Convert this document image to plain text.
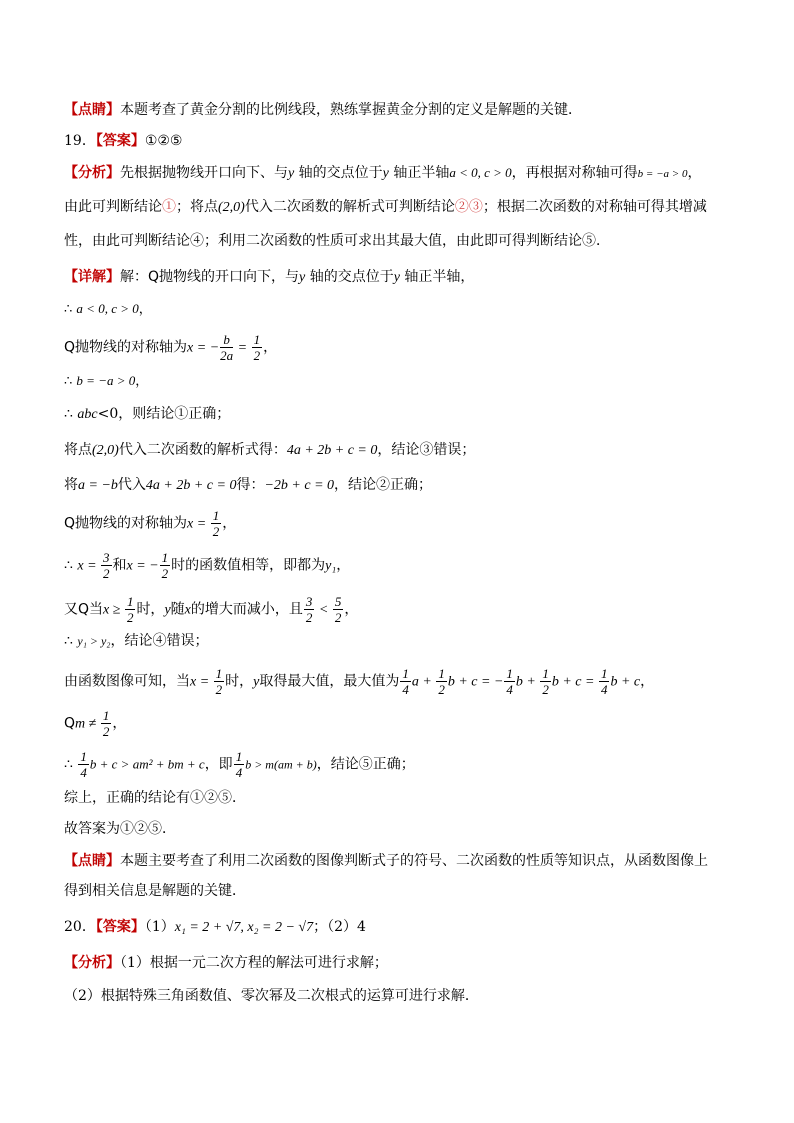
【点睛】本题考查了黄金分割的比例线段，熟练掌握黄金分割的定义是解题的关键．
19．【答案】①②⑤
【分析】先根据抛物线开口向下、与y 轴的交点位于y 轴正半轴a < 0, c > 0，再根据对称轴可得b = −a > 0，
由此可判断结论①；将点(2,0)代入二次函数的解析式可判断结论②③；根据二次函数的对称轴可得其增减
性，由此可判断结论④；利用二次函数的性质可求出其最大值，由此即可得判断结论⑤．
【详解】解：Q抛物线的开口向下，与y 轴的交点位于y 轴正半轴，
∴ a < 0, c > 0，
Q抛物线的对称轴为x = − $\frac{b}{2a} = \frac{1}{2}$ ，
∴ b = −a > 0，
∴ abc<0，则结论①正确；
将点(2,0)代入二次函数的解析式得：4a + 2b + c = 0，结论③错误；
将a = −b代入4a + 2b + c = 0得：−2b + c = 0，结论②正确；
Q抛物线的对称轴为$x = \frac{1}{2}$ ，
∴ $x = \frac{3}{2}$ 和x = − $\frac{1}{2}$ 时的函数值相等，即都为y₁，
又Q当$x \ge \frac{1}{2}$ 时，y随x的增大而减小，且 $\frac{3}{2} < \frac{5}{2}$ ，
∴ y₁ > y₂，结论④错误；
由函数图像可知，当$x = \frac{1}{2}$ 时，y取得最大值，最大值为 $\frac{1}{4}$ $a + \frac{1}{2}$ b + c = − $\frac{1}{4}$ $b + \frac{1}{2}$ $b + c = \frac{1}{4}$ b + c，
$Qm \ne \frac{1}{2}$ ，
∴ $\frac{1}{4}$ b + c > am² + bm + c，即 $\frac{1}{4}$ b > m(am + b)，结论⑤正确；
综上，正确的结论有①②⑤．
故答案为①②⑤．
【点睛】本题主要考查了利用二次函数的图像判断式子的符号、二次函数的性质等知识点，从函数图像上
得到相关信息是解题的关键．
20．【答案】（1）x₁ = 2 + √7, x₂ = 2 − √7；（2）4
【分析】（1）根据一元二次方程的解法可进行求解；
（2）根据特殊三角函数值、零次幂及二次根式的运算可进行求解．
